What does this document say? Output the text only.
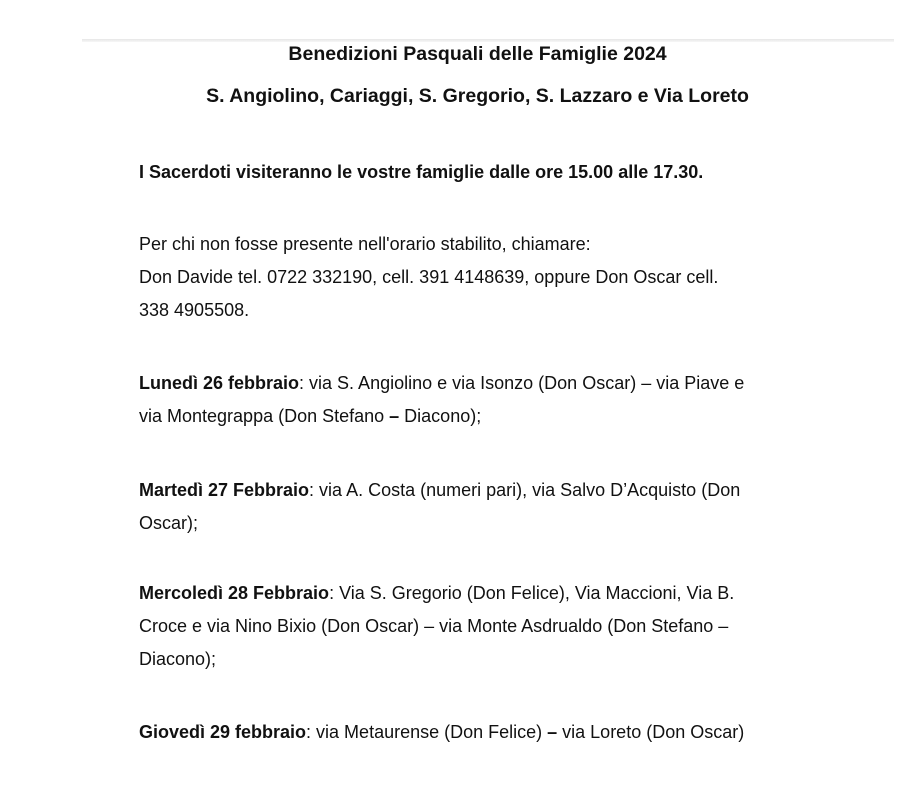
Benedizioni Pasquali delle Famiglie 2024
S. Angiolino, Cariaggi, S. Gregorio, S. Lazzaro e Via Loreto

I Sacerdoti visiteranno le vostre famiglie dalle ore 15.00 alle 17.30.

Per chi non fosse presente nell'orario stabilito, chiamare:
Don Davide tel. 0722 332190, cell. 391 4148639, oppure Don Oscar cell.
338 4905508.

Lunedì 26 febbraio: via S. Angiolino e via Isonzo (Don Oscar) – via Piave e
via Montegrappa (Don Stefano – Diacono);

Martedì 27 Febbraio: via A. Costa (numeri pari), via Salvo D’Acquisto (Don
Oscar);

Mercoledì 28 Febbraio: Via S. Gregorio (Don Felice), Via Maccioni, Via B.
Croce e via Nino Bixio (Don Oscar) – via Monte Asdrualdo (Don Stefano –
Diacono);

Giovedì 29 febbraio: via Metaurense (Don Felice) – via Loreto (Don Oscar)
